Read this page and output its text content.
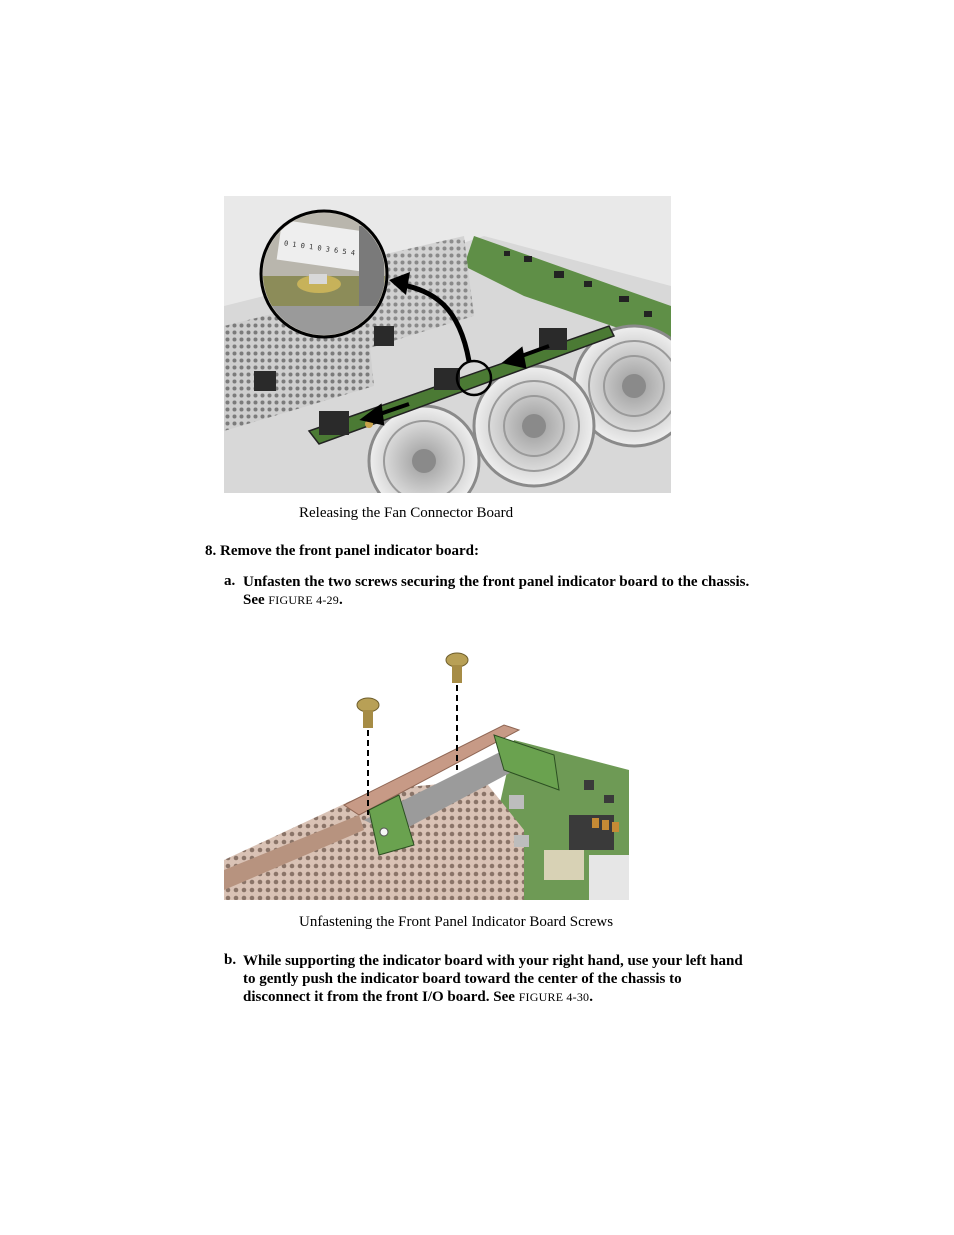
0 1 0 1 0 3 6 5 4
Releasing the Fan Connector Board
8. Remove the front panel indicator board:
a. Unfasten the two screws securing the front panel indicator board to the chassis.
See FIGURE 4-29.
Unfastening the Front Panel Indicator Board Screws
b. While supporting the indicator board with your right hand, use your left hand
to gently push the indicator board toward the center of the chassis to
disconnect it from the front I/O board. See FIGURE 4-30.
